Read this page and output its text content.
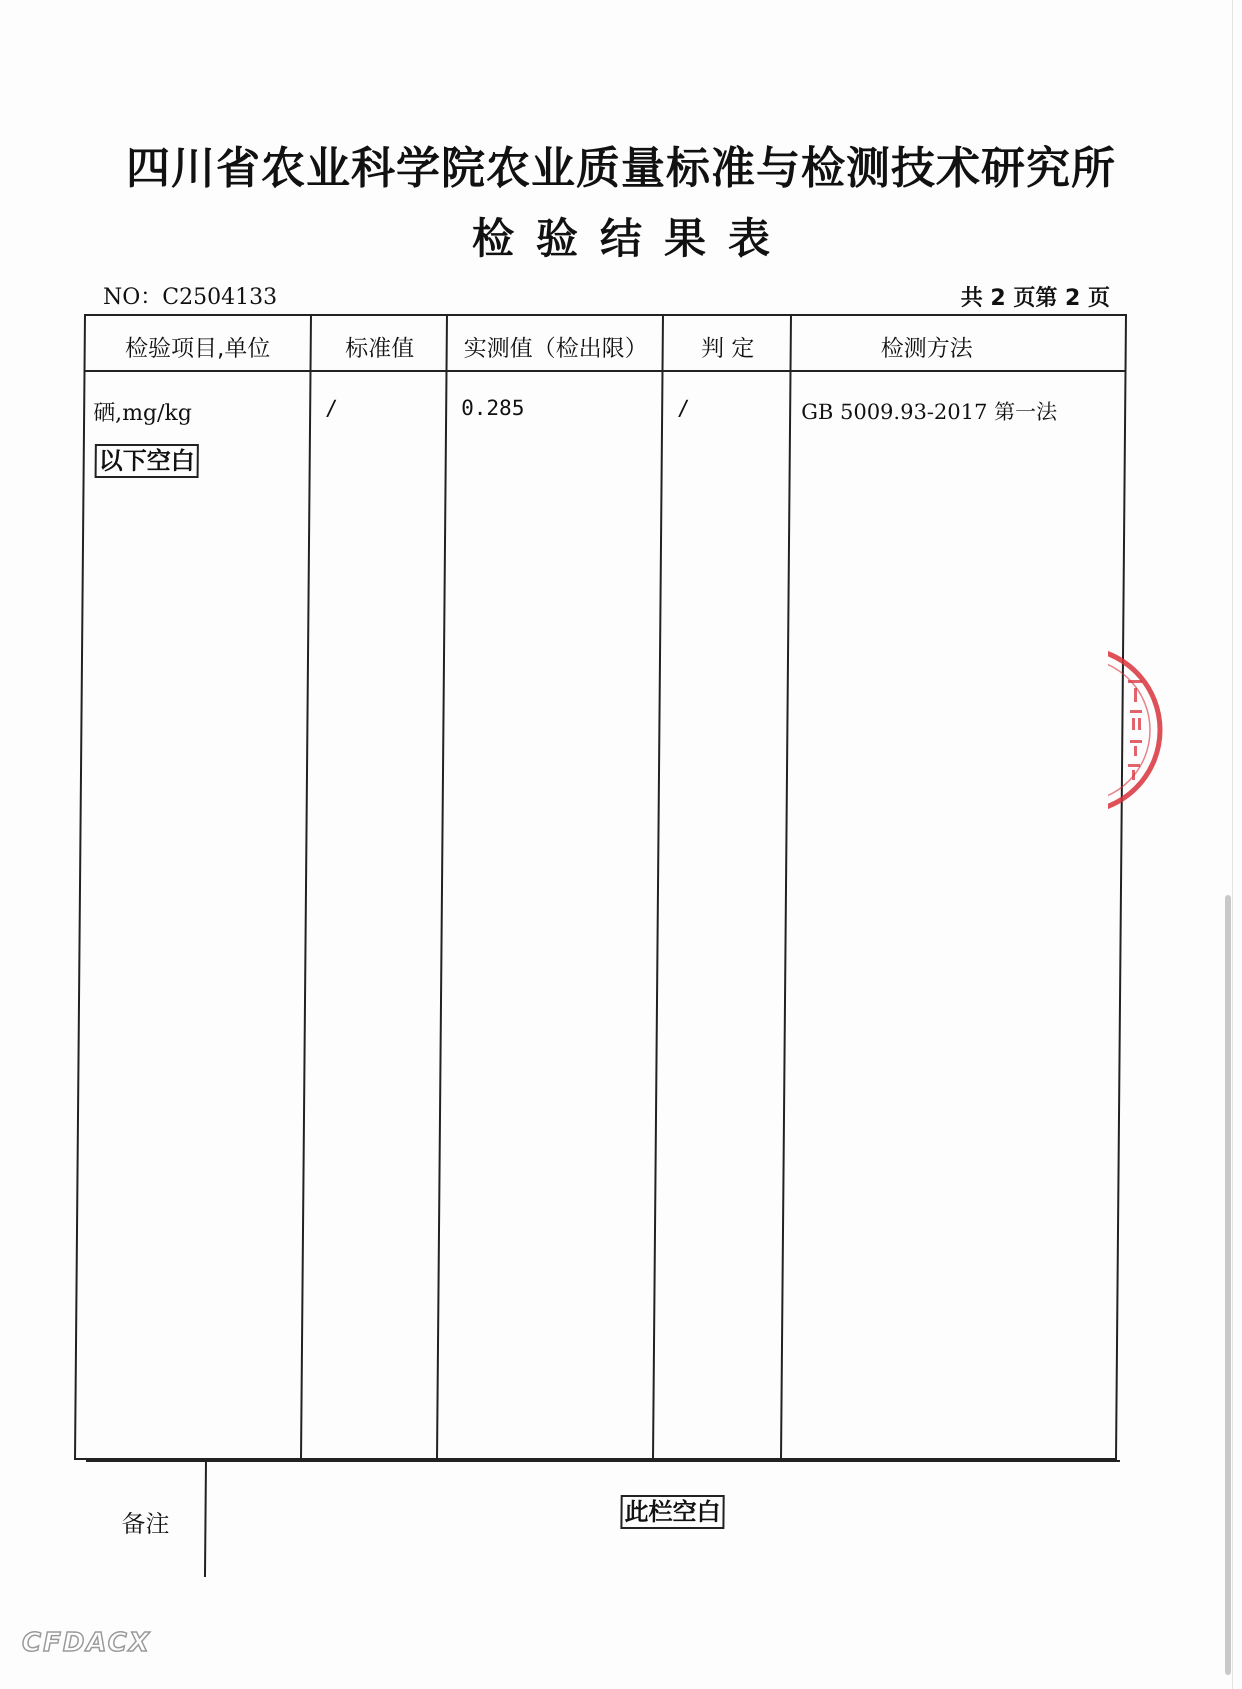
四川省农业科学院农业质量标准与检测技术研究所
检验结果表
NO：C2504133	共 2 页第 2 页
检验项目,单位	标准值	实测值（检出限）	判 定	检测方法
硒,mg/kg	/	0.285	/	GB 5009.93-2017 第一法
以下空白
备注	此栏空白
CFDACX
